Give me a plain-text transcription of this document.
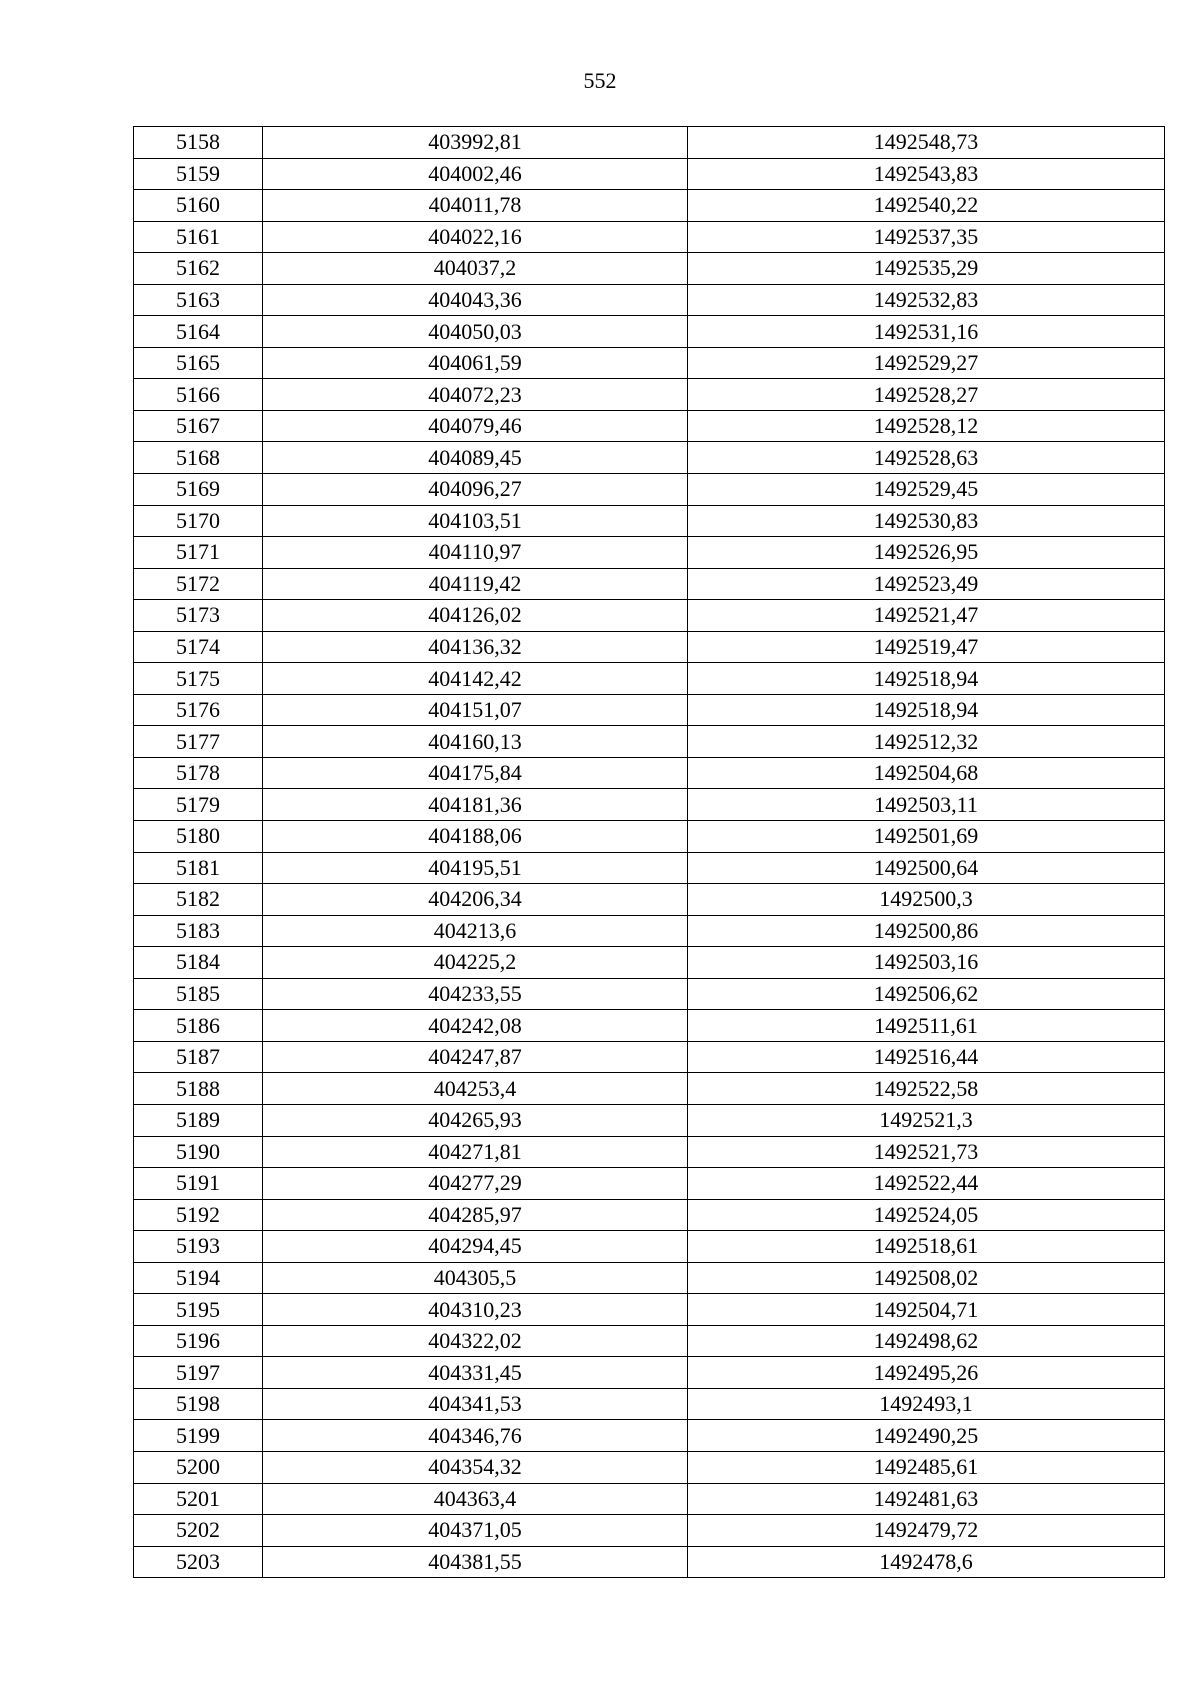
552
5158	403992,81	1492548,73
5159	404002,46	1492543,83
5160	404011,78	1492540,22
5161	404022,16	1492537,35
5162	404037,2	1492535,29
5163	404043,36	1492532,83
5164	404050,03	1492531,16
5165	404061,59	1492529,27
5166	404072,23	1492528,27
5167	404079,46	1492528,12
5168	404089,45	1492528,63
5169	404096,27	1492529,45
5170	404103,51	1492530,83
5171	404110,97	1492526,95
5172	404119,42	1492523,49
5173	404126,02	1492521,47
5174	404136,32	1492519,47
5175	404142,42	1492518,94
5176	404151,07	1492518,94
5177	404160,13	1492512,32
5178	404175,84	1492504,68
5179	404181,36	1492503,11
5180	404188,06	1492501,69
5181	404195,51	1492500,64
5182	404206,34	1492500,3
5183	404213,6	1492500,86
5184	404225,2	1492503,16
5185	404233,55	1492506,62
5186	404242,08	1492511,61
5187	404247,87	1492516,44
5188	404253,4	1492522,58
5189	404265,93	1492521,3
5190	404271,81	1492521,73
5191	404277,29	1492522,44
5192	404285,97	1492524,05
5193	404294,45	1492518,61
5194	404305,5	1492508,02
5195	404310,23	1492504,71
5196	404322,02	1492498,62
5197	404331,45	1492495,26
5198	404341,53	1492493,1
5199	404346,76	1492490,25
5200	404354,32	1492485,61
5201	404363,4	1492481,63
5202	404371,05	1492479,72
5203	404381,55	1492478,6
